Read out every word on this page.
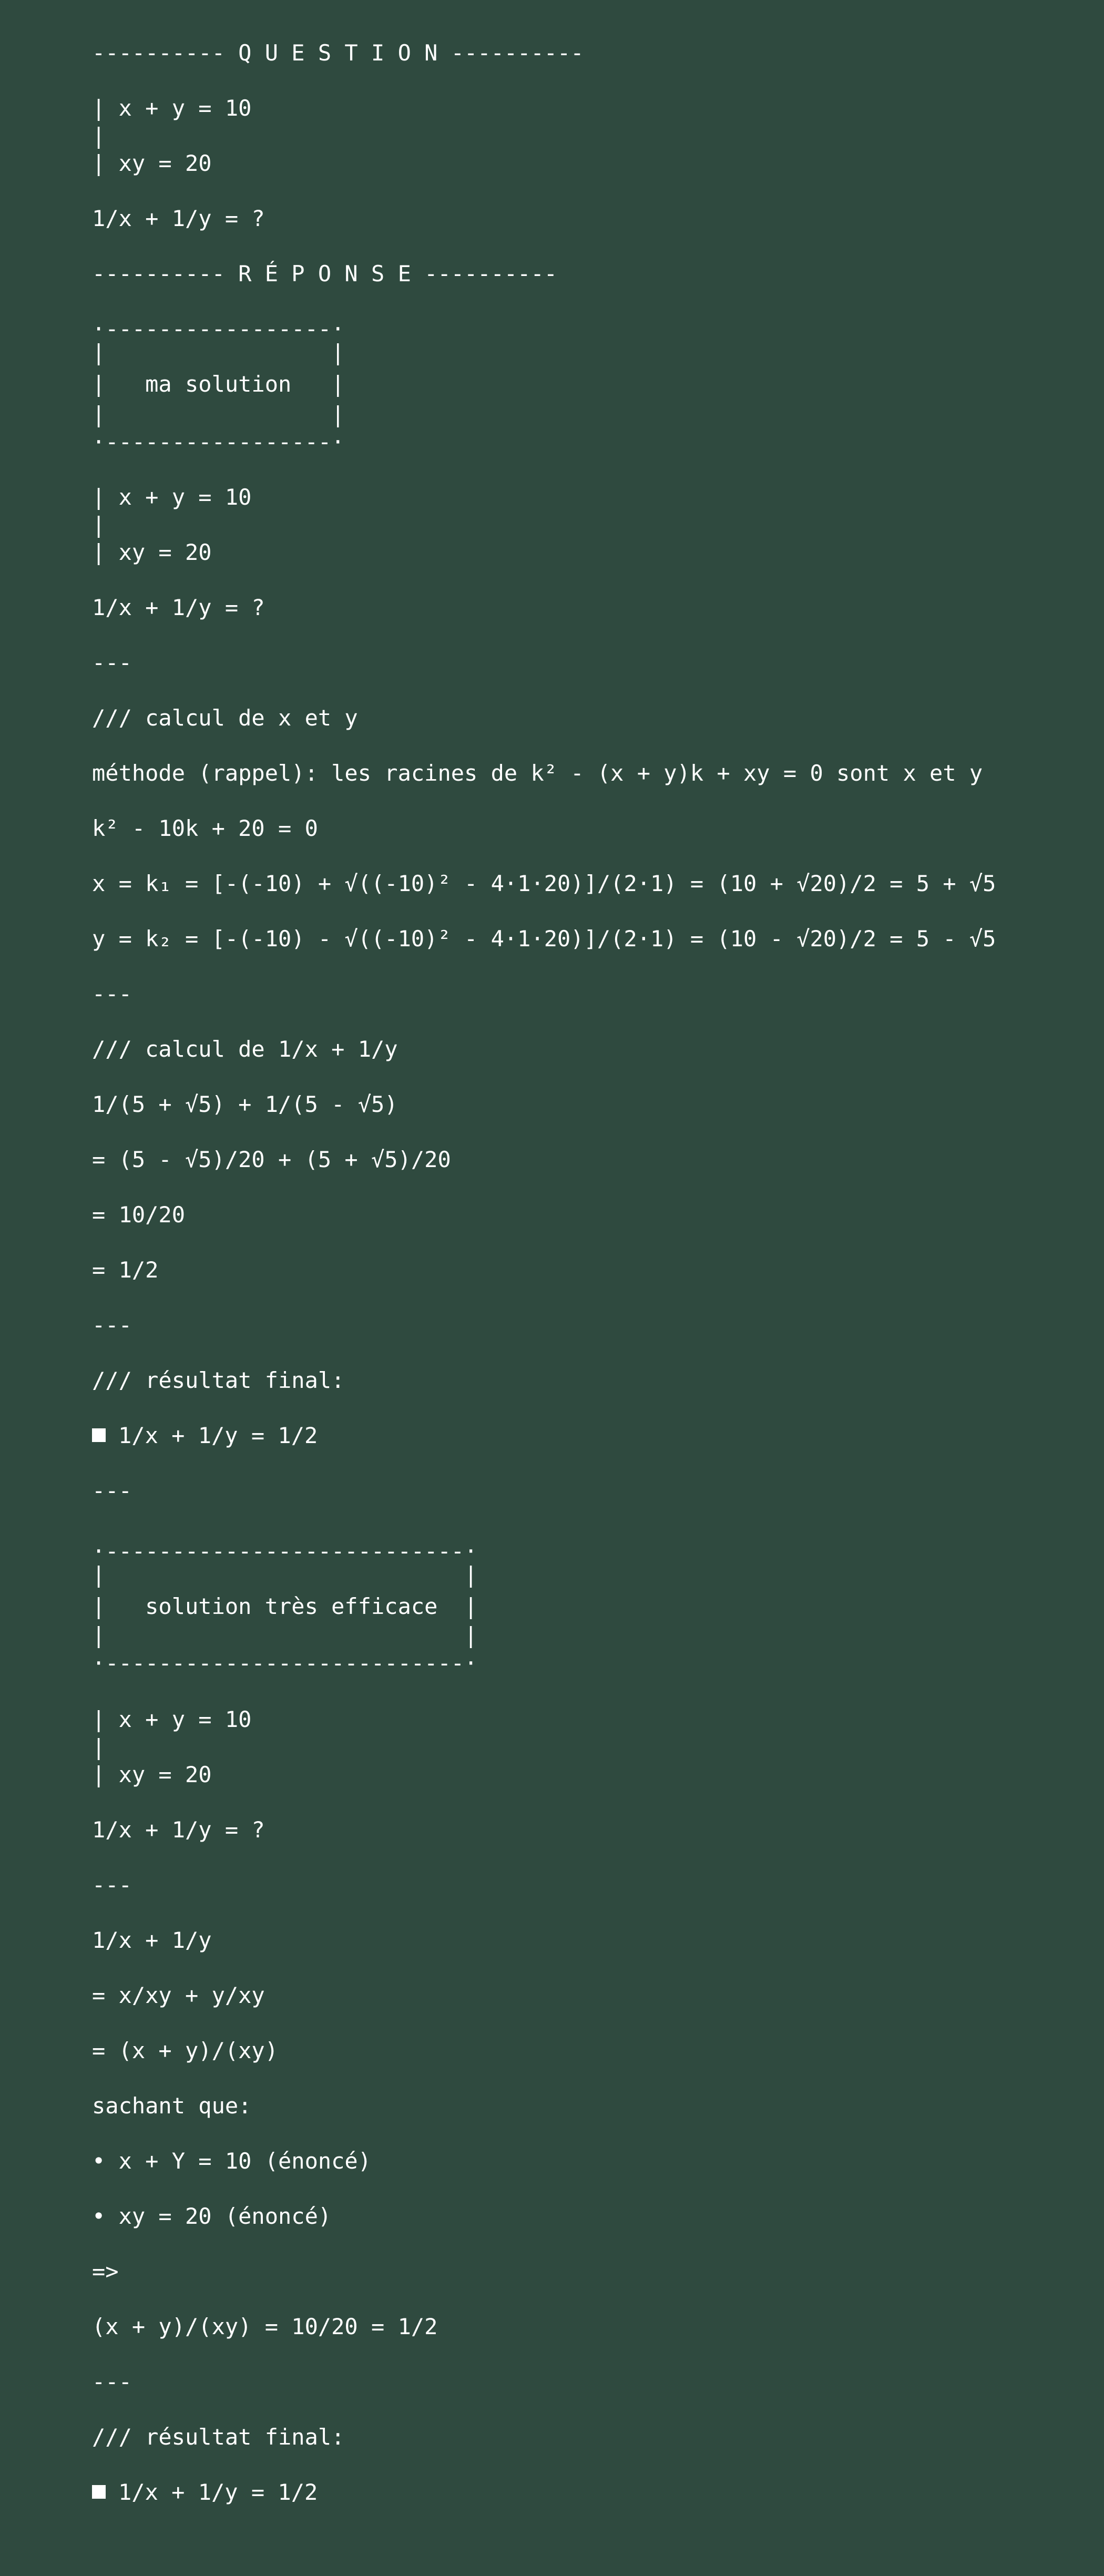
---------- Q U E S T I O N ----------
| x + y = 10
|
| xy = 20
1/x + 1/y = ?
---------- R É P O N S E ----------
·-----------------·
|                 |
|   ma solution   |
|                 |
·-----------------·
| x + y = 10
|
| xy = 20
1/x + 1/y = ?
---
/// calcul de x et y
méthode (rappel): les racines de k² - (x + y)k + xy = 0 sont x et y
k² - 10k + 20 = 0
x = k₁ = [-(-10) + √((-10)² - 4·1·20)]/(2·1) = (10 + √20)/2 = 5 + √5
y = k₂ = [-(-10) - √((-10)² - 4·1·20)]/(2·1) = (10 - √20)/2 = 5 - √5
---
/// calcul de 1/x + 1/y
1/(5 + √5) + 1/(5 - √5)
= (5 - √5)/20 + (5 + √5)/20
= 10/20
= 1/2
---
/// résultat final:
1/x + 1/y = 1/2
---
·---------------------------·
|                           |
|   solution très efficace  |
|                           |
·---------------------------·
| x + y = 10
|
| xy = 20
1/x + 1/y = ?
---
1/x + 1/y
= x/xy + y/xy
= (x + y)/(xy)
sachant que:
• x + Y = 10 (énoncé)
• xy = 20 (énoncé)
=>
(x + y)/(xy) = 10/20 = 1/2
---
/// résultat final:
1/x + 1/y = 1/2
